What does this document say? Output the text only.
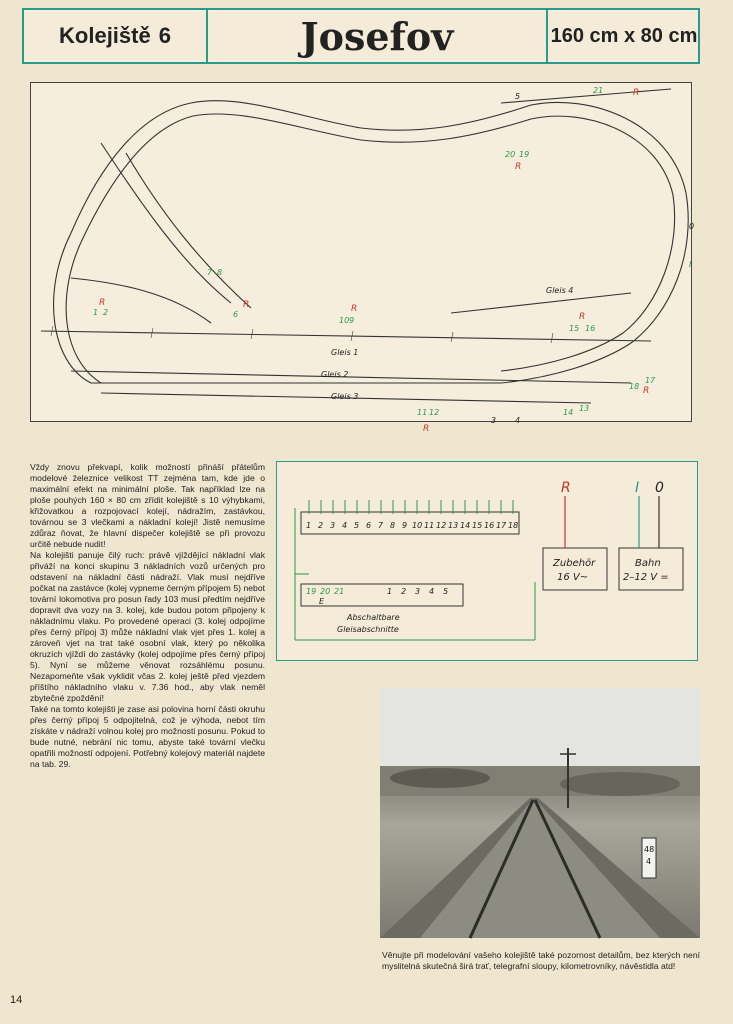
Kolejiště 6	Josefov	160 cm x 80 cm
Gleis 1
Gleis 2
Gleis 3
Gleis 4
1 2
3 4
5
6
7 8
9
10
11 12	13
14
15 16
17
18
19
20
21
R
R	R
R
R
R
R
R
0
I

Vždy znovu překvapí, kolik možností přináší přátelům modelové železnice velikost TT zejména tam, kde jde o maximální efekt na minimální ploše. Tak například lze na ploše pouhých 160 × 80 cm zřídit kolejiště s 10 výhybkami, křižovatkou a rozpojovací kolejí, nádražím, zastávkou, továrnou se 3 vlečkami a nákladní kolejí! Jistě nemusíme zdůraz ňovat, že hlavní dispečer kolejiště se při provozu určitě nebude nudit!

Na kolejišti panuje čilý ruch: právě vjíždějící nákladní vlak přiváží na konci skupinu 3 nákladních vozů určených pro odstavení na nákladní části nádraží. Vlak musí nejdříve počkat na zastávce (kolej vypneme černým přípojem 5) nebot tovární lokomotiva pro posun řady 103 musí předtím nejdříve dopravit dva vozy na 3. kolej, kde budou potom připojeny k nákladnímu vlaku. Po provedené operaci (3. kolej odpojíme přes černý přípoj 3) může nákladní vlak vjet přes 1. kolej a zároveň vjet na trat také osobní vlak, který po několika okruzích vjíždí do zastávky (kolej odpojíme přes černý přípoj 5). Nyní se můžeme věnovat rozsáhlému posunu. Nezapomeňte však vyklidit včas 2. kolej ještě před vjezdem příštího nákladního vlaku v. 7.36 hod., aby vlak neměl zbytečné zpoždění!

Také na tomto kolejišti je zase asi polovina horní části okruhu přes černý přípoj 5 odpojitelná, což je výhoda, nebot tím získáte v nádraží volnou kolej pro možnosti posunu. Pokud to bude nutné, nebrání nic tomu, abyste také tovární vlečku opatřili možností odpojení. Potřebný kolejový materiál najdete na tab. 29.

1 2 3 4 5 6 7 8 9 10 11 12 13 14 15 16 17 18
19 20 21
E
1 2 3 4 5
Abschaltbare
Gleisabschnitte
R	I 0
Zubehör
16 V~
Bahn
2–12 V =
48
4
Věnujte při modelování vašeho kolejiště také pozornost detailům, bez kterých není myslitelná skutečná širá trať, telegrafní sloupy, kilometrovníky, návěstidla atd!
14
